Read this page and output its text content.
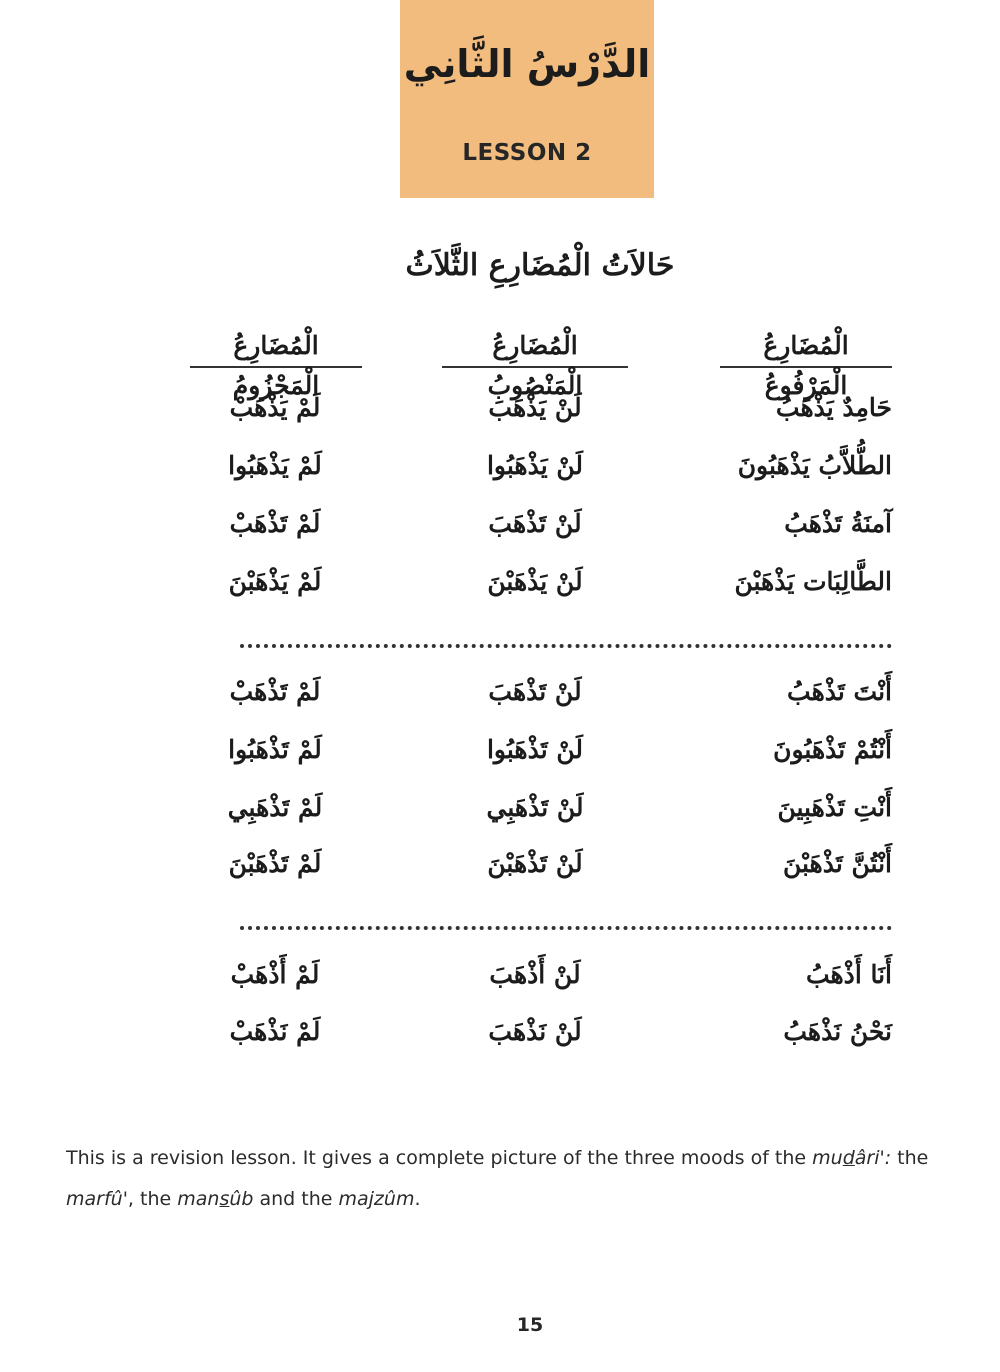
الدَّرْسُ الثَّانِي
LESSON 2
حَالاَتُ الْمُضَارِعِ الثَّلاَثُ
الْمُضَارِعُ الْمَرْفُوعُ
الْمُضَارِعُ الْمَنْصُوبُ
الْمُضَارِعُ الْمَجْزُومُ
حَامِدٌ يَذْهَبُ
لَنْ يَذْهَبَ
لَمْ يَذْهَبْ
الطُّلاَّبُ يَذْهَبُونَ
لَنْ يَذْهَبُوا
لَمْ يَذْهَبُوا
آمنَةُ تَذْهَبُ
لَنْ تَذْهَبَ
لَمْ تَذْهَبْ
الطَّالِبَات يَذْهَبْنَ
لَنْ يَذْهَبْنَ
لَمْ يَذْهَبْنَ
أَنْتَ تَذْهَبُ
لَنْ تَذْهَبَ
لَمْ تَذْهَبْ
أَنْتُمْ تَذْهَبُونَ
لَنْ تَذْهَبُوا
لَمْ تَذْهَبُوا
أَنْتِ تَذْهَبِينَ
لَنْ تَذْهَبِي
لَمْ تَذْهَبِي
أَنْتُنَّ تَذْهَبْنَ
لَنْ تَذْهَبْنَ
لَمْ تَذْهَبْنَ
أَنَا أَذْهَبُ
لَنْ أَذْهَبَ
لَمْ أَذْهَبْ
نَحْنُ نَذْهَبُ
لَنْ نَذْهَبَ
لَمْ نَذْهَبْ
This is a revision lesson. It gives a complete picture of the three moods of the mudâri': the
marfû', the mansûb and the majzûm.
15
